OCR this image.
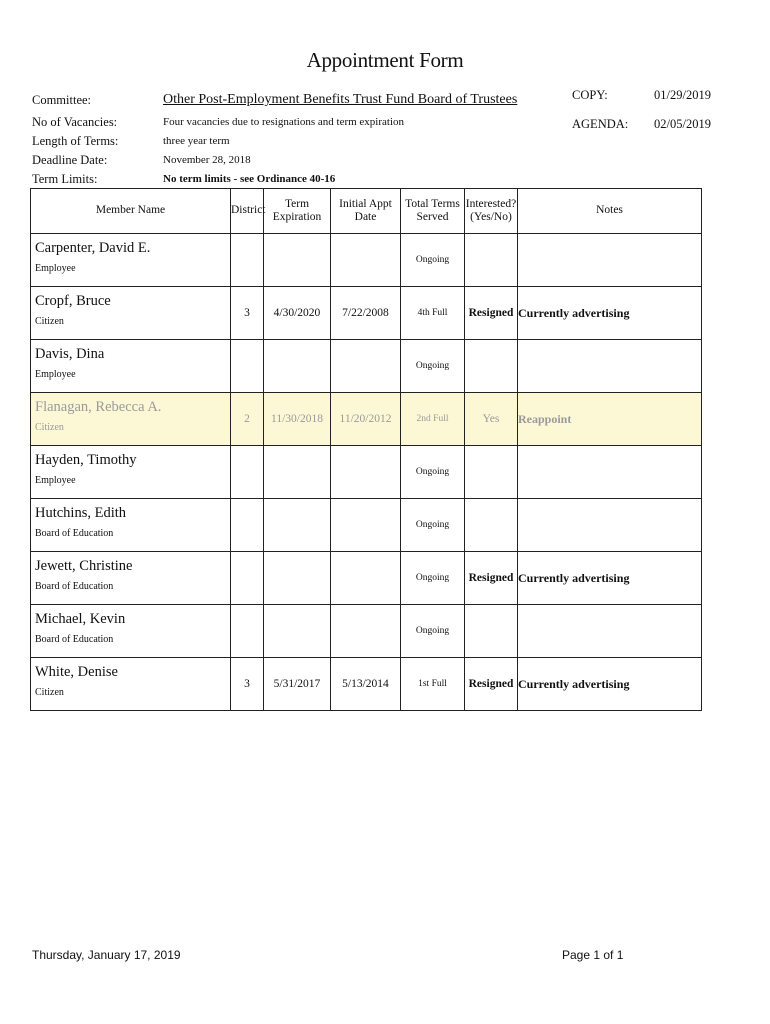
Appointment Form
Committee:	Other Post-Employment Benefits Trust Fund Board of Trustees
No of Vacancies:	Four vacancies due to resignations and term expiration
Length of Terms:	three year term
Deadline Date:	November 28, 2018
Term Limits:	No term limits - see Ordinance 40-16
COPY:	01/29/2019
AGENDA: 02/05/2019
Member Name	District	Term Expiration	Initial Appt Date	Total Terms Served	Interested? (Yes/No)	Notes

Carpenter, David E.
Employee				Ongoing		

Cropf, Bruce
Citizen	3	4/30/2020	7/22/2008	4th Full	Resigned	Currently advertising

Davis, Dina
Employee				Ongoing		

Flanagan, Rebecca A.
Citizen	2	11/30/2018	11/20/2012	2nd Full	Yes	Reappoint

Hayden, Timothy
Employee				Ongoing		

Hutchins, Edith
Board of Education				Ongoing		

Jewett, Christine
Board of Education				Ongoing	Resigned	Currently advertising

Michael, Kevin
Board of Education				Ongoing		

White, Denise
Citizen	3	5/31/2017	5/13/2014	1st Full	Resigned	Currently advertising
Thursday, January 17, 2019	Page 1 of 1
